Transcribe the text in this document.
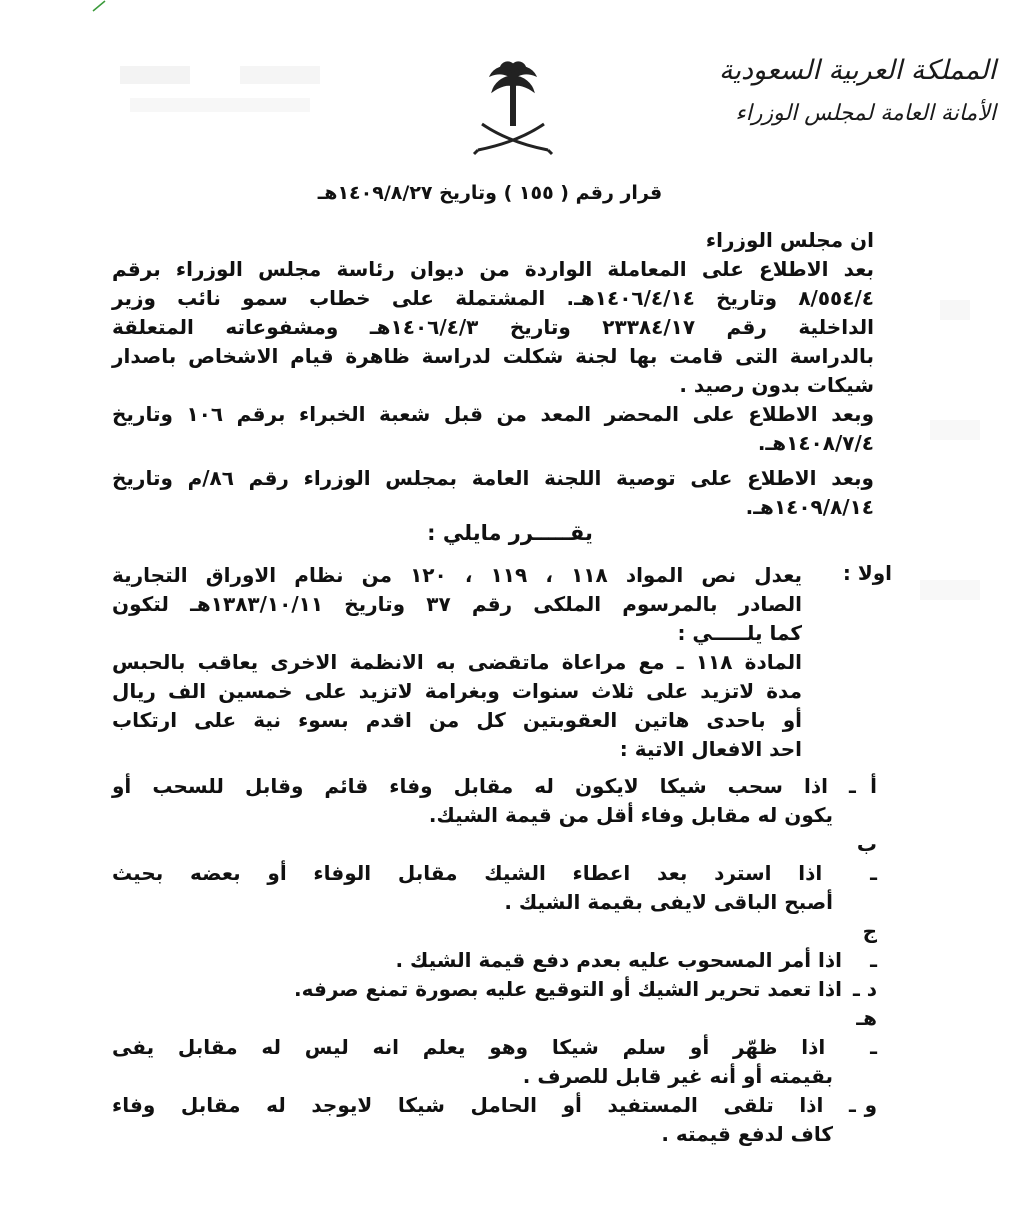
المملكة العربية السعودية
الأمانة العامة لمجلس الوزراء
قرار رقم ( ١٥٥ ) وتاريخ ١٤٠٩/٨/٢٧هـ

ان مجلس الوزراء

بعد الاطلاع على المعاملة الواردة من ديوان رئاسة مجلس الوزراء برقم

٨/٥٥٤/٤ وتاريخ ١٤٠٦/٤/١٤هـ. المشتملة على خطاب سمو نائب وزير

الداخلية رقم ٢٣٣٨٤/١٧ وتاريخ ١٤٠٦/٤/٣هـ ومشفوعاته المتعلقة

بالدراسة التى قامت بها لجنة شكلت لدراسة ظاهرة قيام الاشخاص باصدار

شيكات بدون رصيد .

وبعد الاطلاع على المحضر المعد من قبل شعبة الخبراء برقم ١٠٦ وتاريخ

١٤٠٨/٧/٤هـ.

وبعد الاطلاع على توصية اللجنة العامة بمجلس الوزراء رقم ٨٦/م وتاريخ

١٤٠٩/٨/١٤هـ.

يقـــــرر مايلي :
اولا :

يعدل نص المواد ١١٨ ، ١١٩ ، ١٢٠ من نظام الاوراق التجارية

الصادر بالمرسوم الملكى رقم ٣٧ وتاريخ ١٣٨٣/١٠/١١هـ لتكون

كما يلـــــي :

المادة ١١٨ ـ مع مراعاة ماتقضى به الانظمة الاخرى يعاقب بالحبس

مدة لاتزيد على ثلاث سنوات وبغرامة لاتزيد على خمسين الف ريال

أو باحدى هاتين العقوبتين كل من اقدم بسوء نية على ارتكاب

احد الافعال الاتية :

أ ـ اذا سحب شيكا لايكون له مقابل وفاء قائم وقابل للسحب أو

يكون له مقابل وفاء أقل من قيمة الشيك.

ب ـ اذا استرد بعد اعطاء الشيك مقابل الوفاء أو بعضه بحيث

أصبح الباقى لايفى بقيمة الشيك .

ج ـ اذا أمر المسحوب عليه بعدم دفع قيمة الشيك .

د ـ اذا تعمد تحرير الشيك أو التوقيع عليه بصورة تمنع صرفه.

هـ ـ اذا ظهّر أو سلم شيكا وهو يعلم انه ليس له مقابل يفى

بقيمته أو أنه غير قابل للصرف .

و ـ اذا تلقى المستفيد أو الحامل شيكا لايوجد له مقابل وفاء

كاف لدفع قيمته .
